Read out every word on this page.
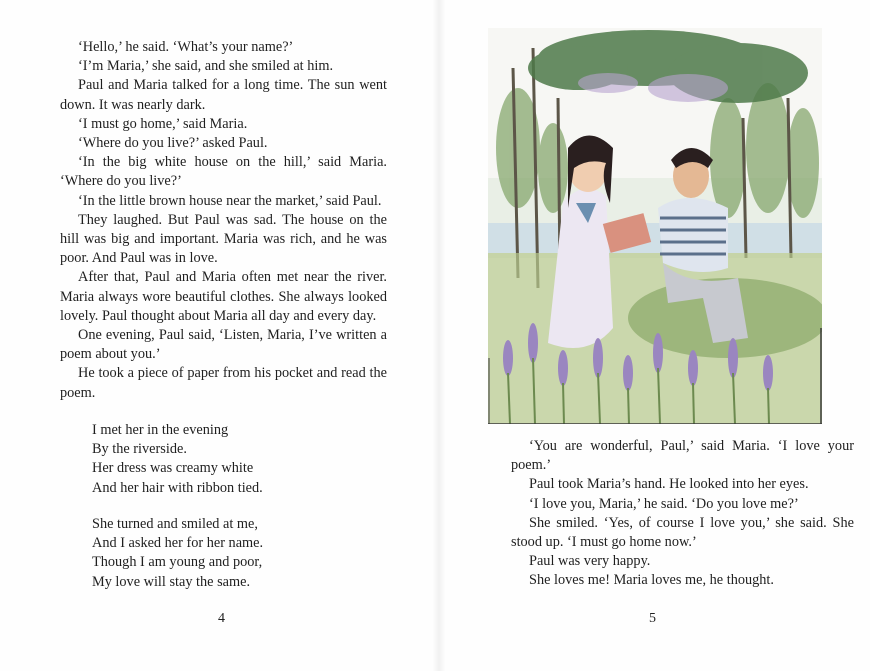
‘Hello,’ he said. ‘What’s your name?’

‘I’m Maria,’ she said, and she smiled at him.

Paul and Maria talked for a long time. The sun went down. It was nearly dark.

‘I must go home,’ said Maria.

‘Where do you live?’ asked Paul.

‘In the big white house on the hill,’ said Maria. ‘Where do you live?’

‘In the little brown house near the market,’ said Paul.

They laughed. But Paul was sad. The house on the hill was big and important. Maria was rich, and he was poor. And Paul was in love.

After that, Paul and Maria often met near the river. Maria always wore beautiful clothes. She always looked lovely. Paul thought about Maria all day and every day.

One evening, Paul said, ‘Listen, Maria, I’ve written a poem about you.’

He took a piece of paper from his pocket and read the poem.

I met her in the evening
By the riverside.
Her dress was creamy white
And her hair with ribbon tied.
She turned and smiled at me,
And I asked her for her name.
Though I am young and poor,
My love will stay the same.
4

‘You are wonderful, Paul,’ said Maria. ‘I love your poem.’

Paul took Maria’s hand. He looked into her eyes.

‘I love you, Maria,’ he said. ‘Do you love me?’

She smiled. ‘Yes, of course I love you,’ she said. She stood up. ‘I must go home now.’

Paul was very happy.

She loves me! Maria loves me, he thought.

5
